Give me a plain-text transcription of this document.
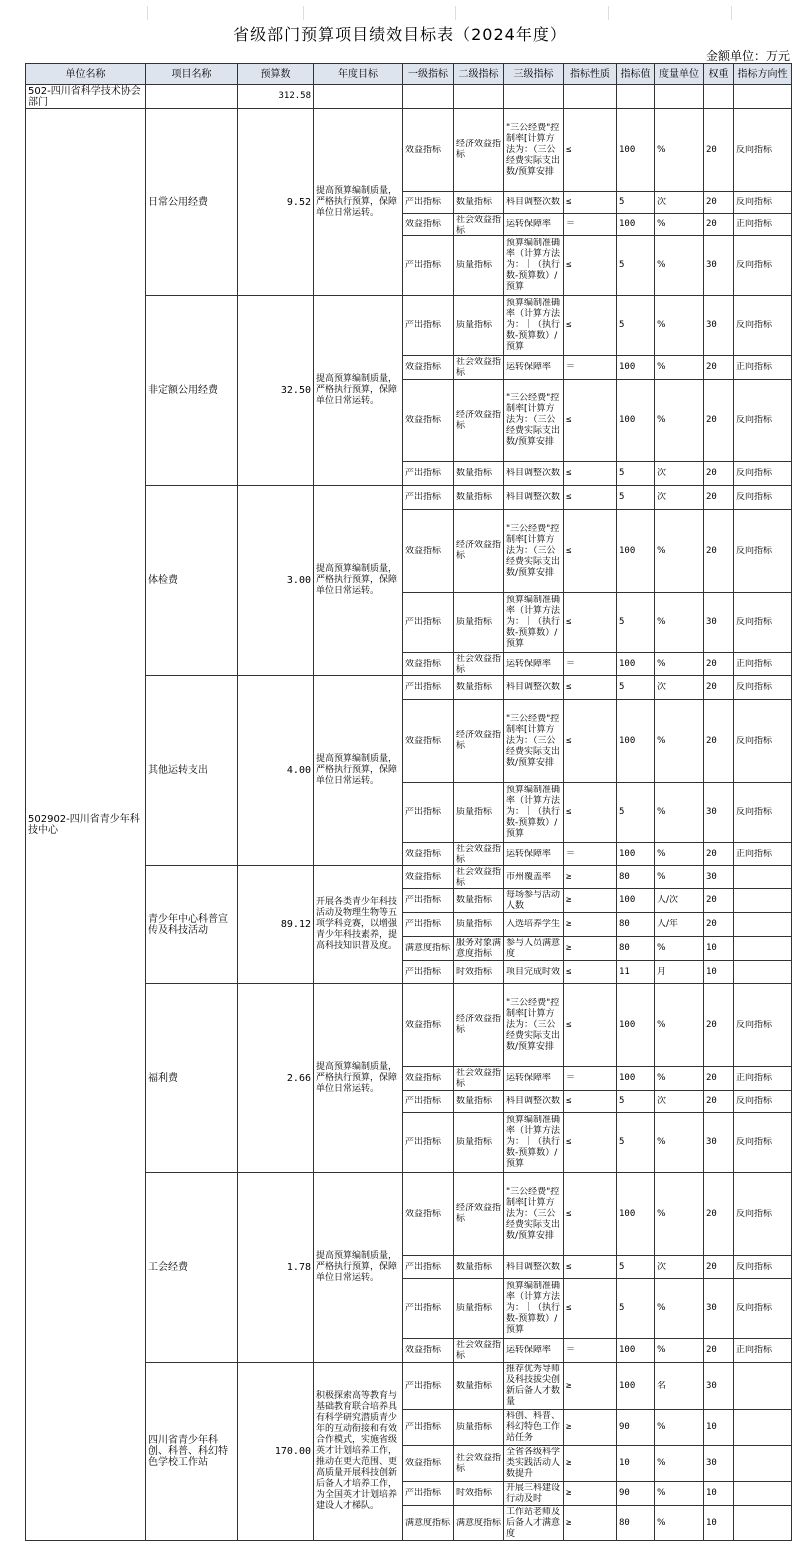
省级部门预算项目绩效目标表（2024年度）
金额单位：万元
单位名称	项目名称	预算数	年度目标	一级指标	二级指标	三级指标	指标性质	指标值	度量单位	权重	指标方向性
502-四川省科学技术协会部门		312.58									
502902-四川省青少年科技中心	日常公用经费	9.52	提高预算编制质量，严格执行预算，保障单位日常运转。	效益指标	经济效益指标	"三公经费"控制率[计算方法为：（三公经费实际支出数/预算安排	≤	100	%	20	反向指标

				产出指标	数量指标	科目调整次数	≤	5	次	20	反向指标

				效益指标	社会效益指标	运转保障率	＝	100	%	20	正向指标

				产出指标	质量指标	预算编制准确率（计算方法为：｜（执行数-预算数）/预算	≤	5	%	30	反向指标

	非定额公用经费	32.50	提高预算编制质量，严格执行预算，保障单位日常运转。	产出指标	质量指标	预算编制准确率（计算方法为：｜（执行数-预算数）/预算	≤	5	%	30	反向指标

				效益指标	社会效益指标	运转保障率	＝	100	%	20	正向指标

				效益指标	经济效益指标	"三公经费"控制率[计算方法为：（三公经费实际支出数/预算安排	≤	100	%	20	反向指标

				产出指标	数量指标	科目调整次数	≤	5	次	20	反向指标

	体检费	3.00	提高预算编制质量，严格执行预算，保障单位日常运转。	产出指标	数量指标	科目调整次数	≤	5	次	20	反向指标

				效益指标	经济效益指标	"三公经费"控制率[计算方法为：（三公经费实际支出数/预算安排	≤	100	%	20	反向指标

				产出指标	质量指标	预算编制准确率（计算方法为：｜（执行数-预算数）/预算	≤	5	%	30	反向指标

				效益指标	社会效益指标	运转保障率	＝	100	%	20	正向指标

	其他运转支出	4.00	提高预算编制质量，严格执行预算，保障单位日常运转。	产出指标	数量指标	科目调整次数	≤	5	次	20	反向指标

				效益指标	经济效益指标	"三公经费"控制率[计算方法为：（三公经费实际支出数/预算安排	≤	100	%	20	反向指标

				产出指标	质量指标	预算编制准确率（计算方法为：｜（执行数-预算数）/预算	≤	5	%	30	反向指标

				效益指标	社会效益指标	运转保障率	＝	100	%	20	正向指标

	青少年中心科普宣传及科技活动	89.12	开展各类青少年科技活动及物理生物等五项学科竞赛，以增强青少年科技素养，提高科技知识普及度。	效益指标	社会效益指标	市州覆盖率	≥	80	%	30	

				产出指标	数量指标	每场参与活动人数	≥	100	人/次	20	

				产出指标	质量指标	入选培养学生	≥	80	人/年	20	

				满意度指标	服务对象满意度指标	参与人员满意度	≥	80	%	10	

				产出指标	时效指标	项目完成时效	≤	11	月	10	

	福利费	2.66	提高预算编制质量，严格执行预算，保障单位日常运转。	效益指标	经济效益指标	"三公经费"控制率[计算方法为：（三公经费实际支出数/预算安排	≤	100	%	20	反向指标

				效益指标	社会效益指标	运转保障率	＝	100	%	20	正向指标

				产出指标	数量指标	科目调整次数	≤	5	次	20	反向指标

				产出指标	质量指标	预算编制准确率（计算方法为：｜（执行数-预算数）/预算	≤	5	%	30	反向指标

	工会经费	1.78	提高预算编制质量，严格执行预算，保障单位日常运转。	效益指标	经济效益指标	"三公经费"控制率[计算方法为：（三公经费实际支出数/预算安排	≤	100	%	20	反向指标

				产出指标	数量指标	科目调整次数	≤	5	次	20	反向指标

				产出指标	质量指标	预算编制准确率（计算方法为：｜（执行数-预算数）/预算	≤	5	%	30	反向指标

				效益指标	社会效益指标	运转保障率	＝	100	%	20	正向指标

	四川省青少年科创、科普、科幻特色学校工作站	170.00	积极探索高等教育与基础教育联合培养具有科学研究潜质青少年的互动衔接和有效合作模式，实施省级英才计划培养工作，推动在更大范围、更高质量开展科技创新后备人才培养工作，为全国英才计划培养建设人才梯队。	产出指标	数量指标	推荐优秀导师及科技拔尖创新后备人才数量	≥	100	名	30	

				产出指标	质量指标	科创、科普、科幻特色工作站任务	≥	90	%	10	

				效益指标	社会效益指标	全省各级科学类实践活动人数提升	≥	10	%	30	

				产出指标	时效指标	开展三科建设行动及时	≥	90	%	10	

				满意度指标	满意度指标	工作站老师及后备人才满意度	≥	80	%	10	
